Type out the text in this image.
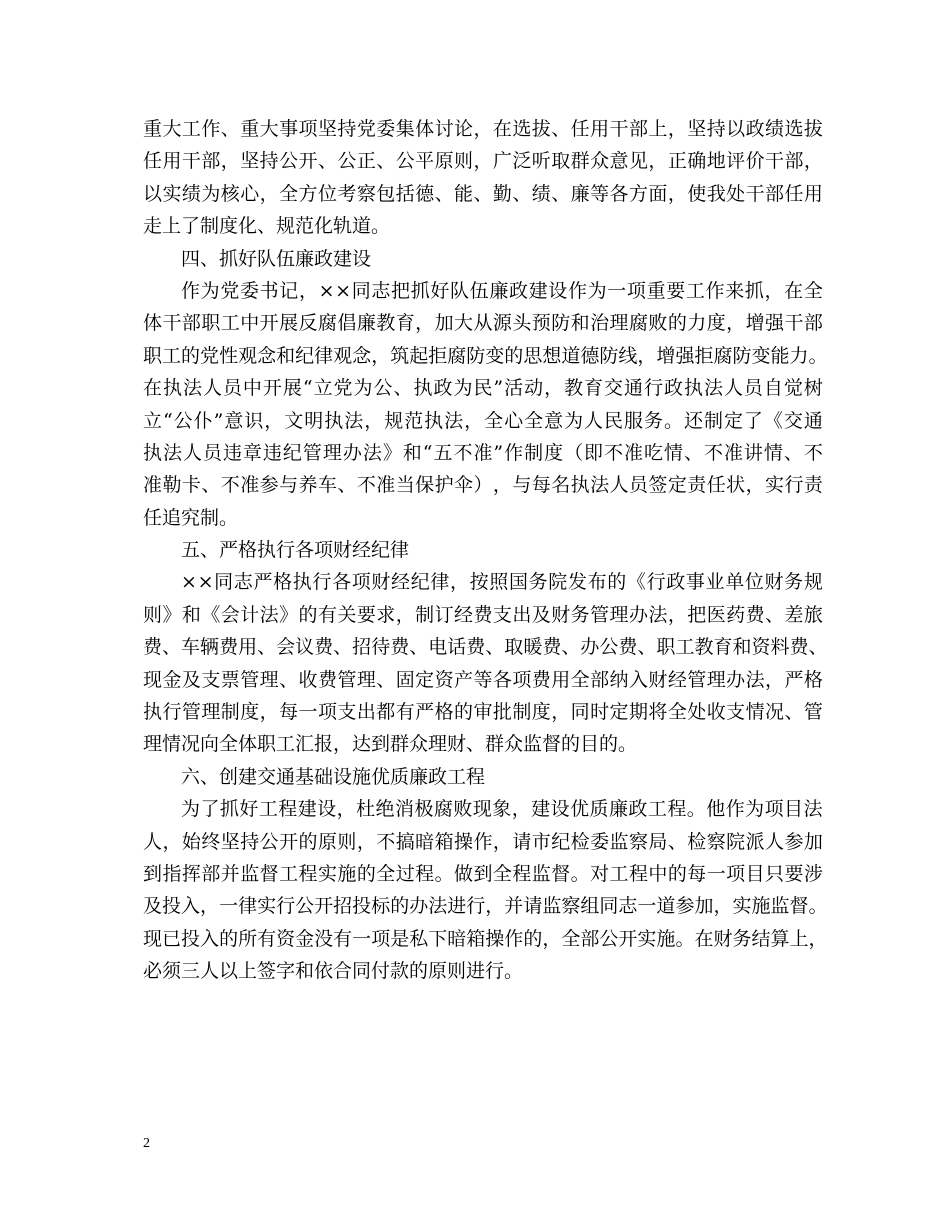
重 大 工 作 、 重 大 事 项 坚 持 党 委 集 体 讨 论 ， 在 选 拔 、 任 用 干 部 上 ， 坚 持 以 政 绩 选 拔
任 用 干 部 ， 坚 持 公 开 、 公 正 、 公 平 原 则 ， 广 泛 听 取 群 众 意 见 ， 正 确 地 评 价 干 部 ，
以 实 绩 为 核 心 ， 全 方 位 考 察 包 括 德 、 能 、 勤 、 绩 、 廉 等 各 方 面 ， 使 我 处 干 部 任 用
走上了制度化、规范化轨道。
四、抓好队伍廉政建设
作 为 党 委 书 记 ， × × 同 志 把 抓 好 队 伍 廉 政 建 设 作 为 一 项 重 要 工 作 来 抓 ， 在 全
体 干 部 职 工 中 开 展 反 腐 倡 廉 教 育 ， 加 大 从 源 头 预 防 和 治 理 腐 败 的 力 度 ， 增 强 干 部
职 工 的 党 性 观 念 和 纪 律 观 念 ， 筑 起 拒 腐 防 变 的 思 想 道 德 防 线 ， 增 强 拒 腐 防 变 能 力 。
在 执 法 人 员 中 开 展 “ 立 党 为 公 、 执 政 为 民 ” 活 动 ， 教 育 交 通 行 政 执 法 人 员 自 觉 树
立 “ 公 仆 ” 意 识 ， 文 明 执 法 ， 规 范 执 法 ， 全 心 全 意 为 人 民 服 务 。 还 制 定 了 《 交 通
执 法 人 员 违 章 违 纪 管 理 办 法 》 和 “ 五 不 准 ” 作 制 度 （ 即 不 准 吃 情 、 不 准 讲 情 、 不
准 勒 卡 、 不 准 参 与 养 车 、 不 准 当 保 护 伞 ） ， 与 每 名 执 法 人 员 签 定 责 任 状 ， 实 行 责
任追究制。
五、严格执行各项财经纪律
× × 同 志 严 格 执 行 各 项 财 经 纪 律 ， 按 照 国 务 院 发 布 的 《 行 政 事 业 单 位 财 务 规
则 》 和 《 会 计 法 》 的 有 关 要 求 ， 制 订 经 费 支 出 及 财 务 管 理 办 法 ， 把 医 药 费 、 差 旅
费 、 车 辆 费 用 、 会 议 费 、 招 待 费 、 电 话 费 、 取 暖 费 、 办 公 费 、 职 工 教 育 和 资 料 费 、
现 金 及 支 票 管 理 、 收 费 管 理 、 固 定 资 产 等 各 项 费 用 全 部 纳 入 财 经 管 理 办 法 ， 严 格
执 行 管 理 制 度 ， 每 一 项 支 出 都 有 严 格 的 审 批 制 度 ， 同 时 定 期 将 全 处 收 支 情 况 、 管
理情况向全体职工汇报，达到群众理财、群众监督的目的。
六、创建交通基础设施优质廉政工程
为 了 抓 好 工 程 建 设 ， 杜 绝 消 极 腐 败 现 象 ， 建 设 优 质 廉 政 工 程 。 他 作 为 项 目 法
人 ， 始 终 坚 持 公 开 的 原 则 ， 不 搞 暗 箱 操 作 ， 请 市 纪 检 委 监 察 局 、 检 察 院 派 人 参 加
到 指 挥 部 并 监 督 工 程 实 施 的 全 过 程 。 做 到 全 程 监 督 。 对 工 程 中 的 每 一 项 目 只 要 涉
及 投 入 ， 一 律 实 行 公 开 招 投 标 的 办 法 进 行 ， 并 请 监 察 组 同 志 一 道 参 加 ， 实 施 监 督 。
现 已 投 入 的 所 有 资 金 没 有 一 项 是 私 下 暗 箱 操 作 的 ， 全 部 公 开 实 施 。 在 财 务 结 算 上 ，
必须三人以上签字和依合同付款的原则进行。
2
